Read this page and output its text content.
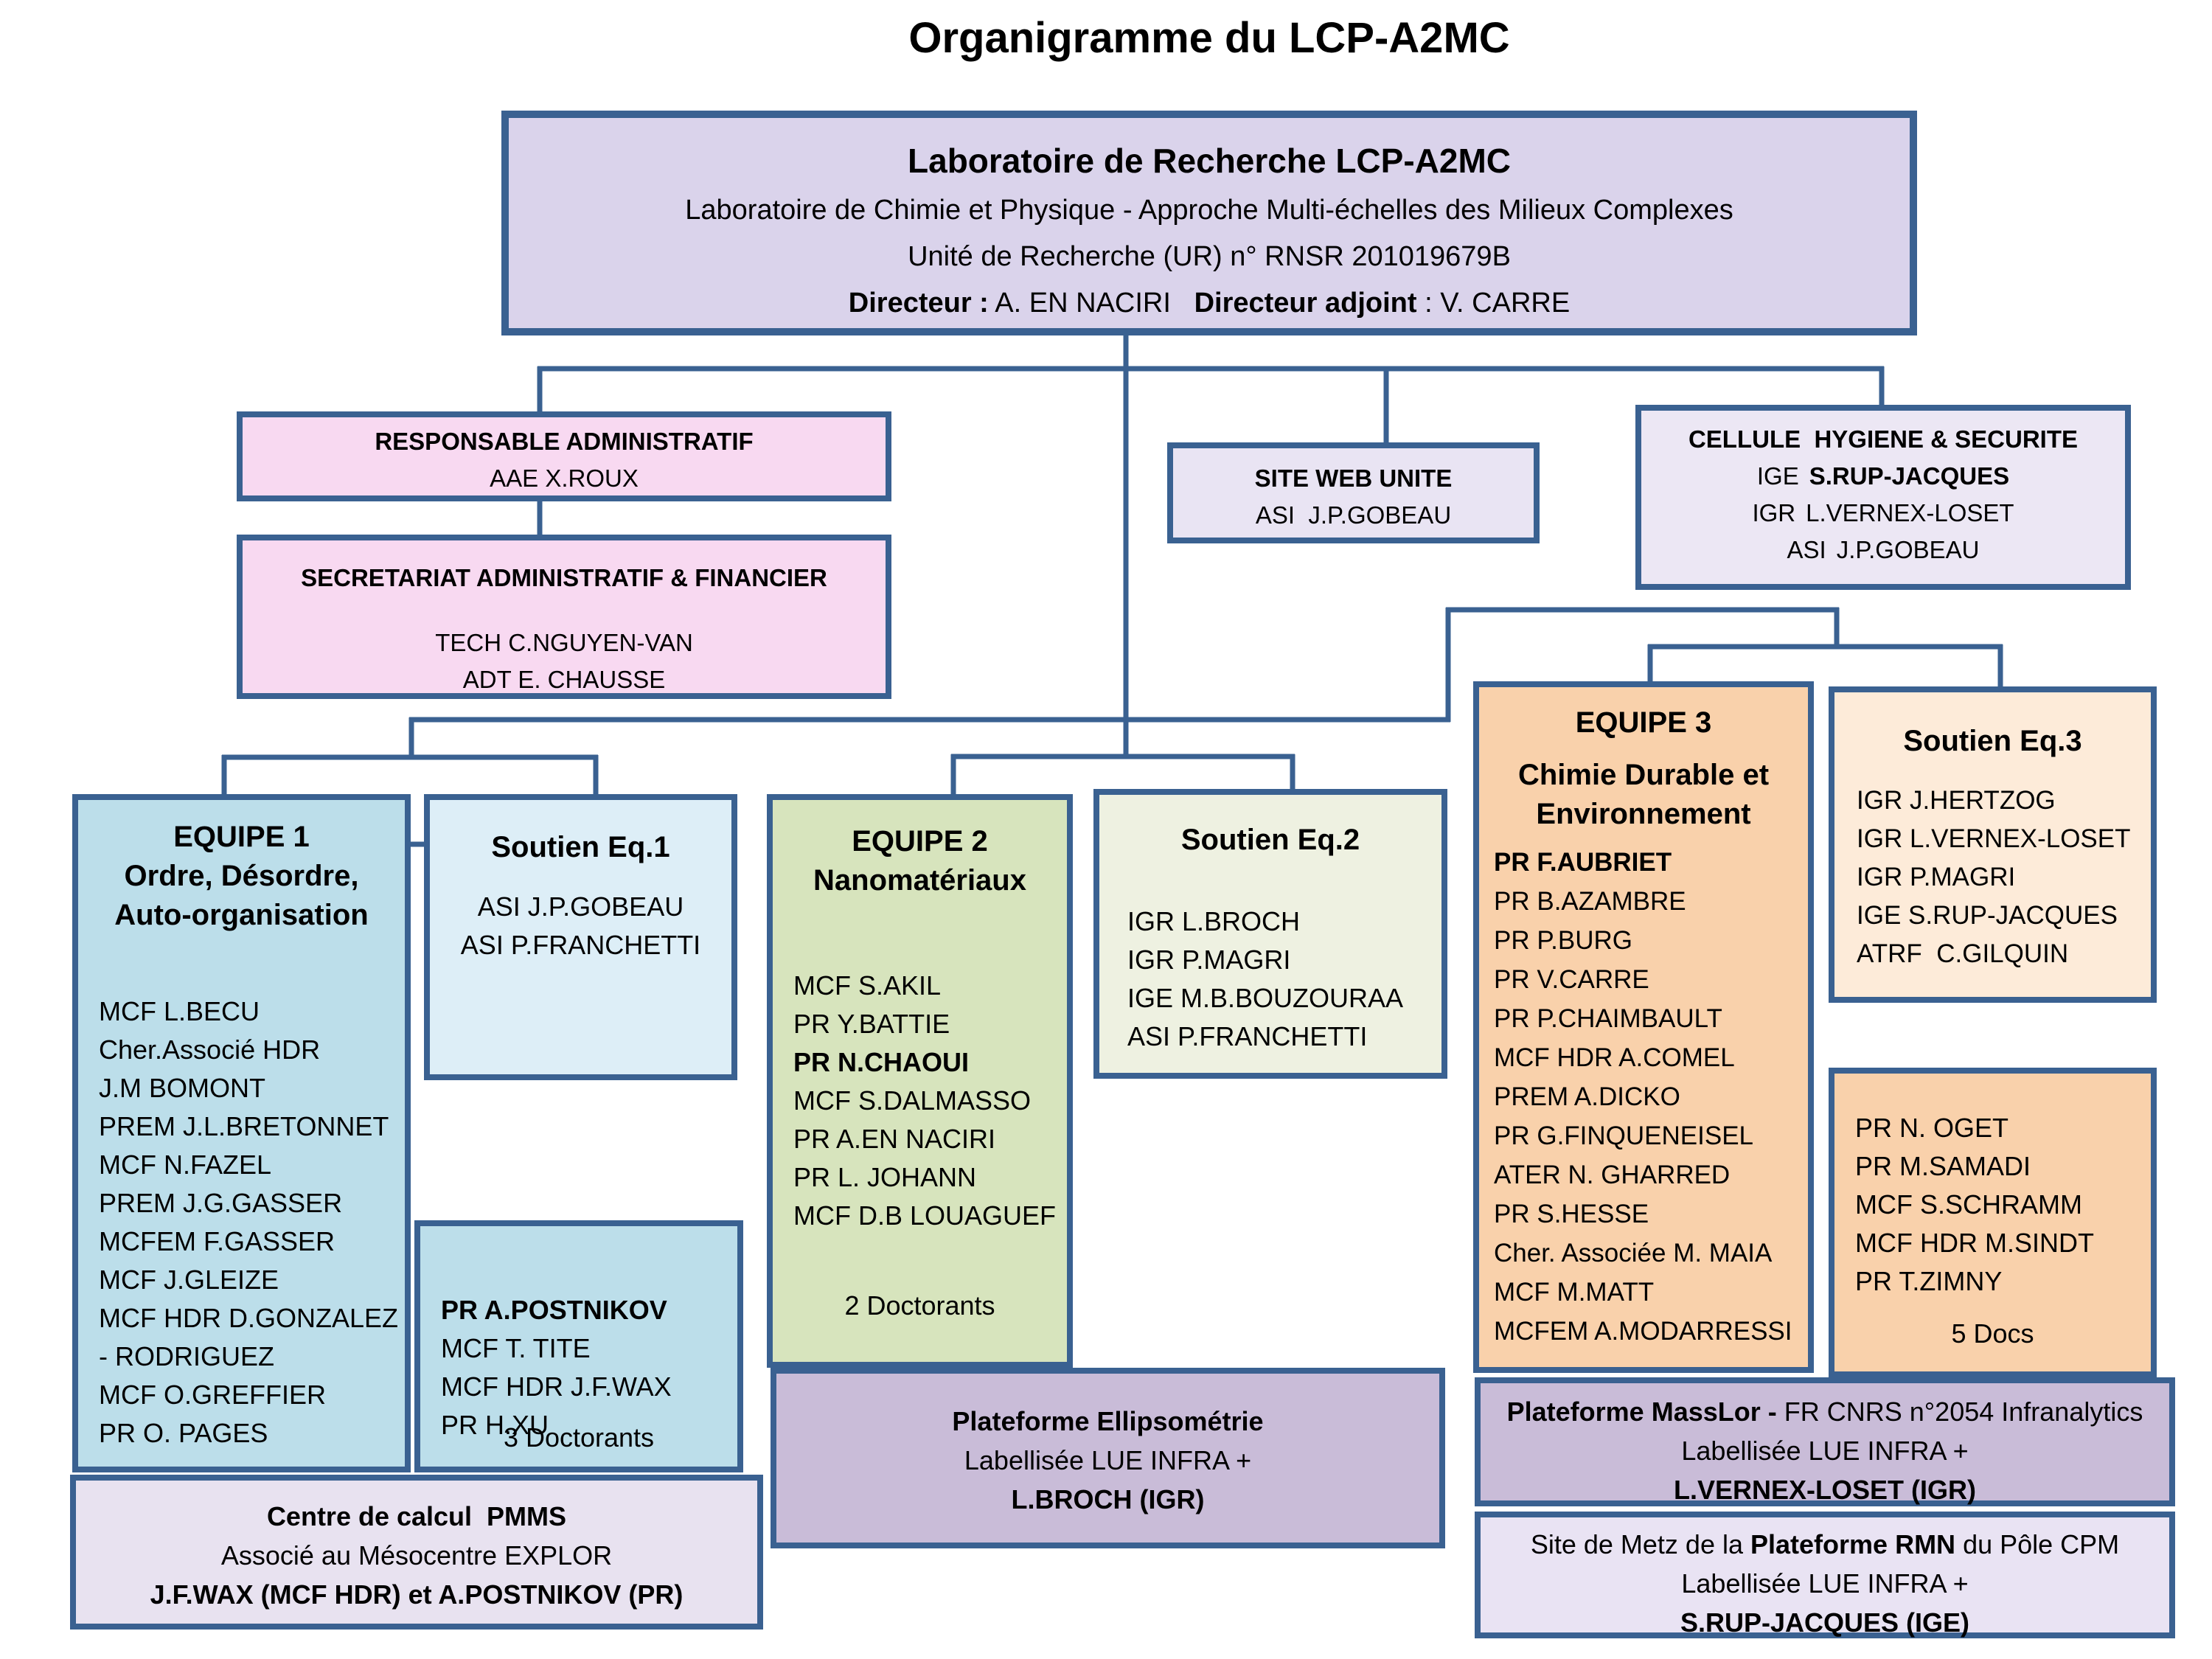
Organigramme du LCP-A2MC
Laboratoire de Recherche LCP-A2MC
Laboratoire de Chimie et Physique - Approche Multi-échelles des Milieux Complexes
Unité de Recherche (UR) n° RNSR 201019679B
Directeur : A. EN NACIRI   Directeur adjoint : V. CARRE
RESPONSABLE ADMINISTRATIF
AAE X.ROUX
SECRETARIAT ADMINISTRATIF & FINANCIER
TECH C.NGUYEN-VAN
ADT E. CHAUSSE
SITE WEB UNITE
ASI  J.P.GOBEAU
CELLULE  HYGIENE & SECURITE
IGE S.RUP-JACQUES
IGR L.VERNEX-LOSET
ASI J.P.GOBEAU
EQUIPE 1
Ordre, Désordre,
Auto-organisation
MCF L.BECU
Cher.Associé HDR
J.M BOMONT
PREM J.L.BRETONNET
MCF N.FAZEL
PREM J.G.GASSER
MCFEM F.GASSER
MCF J.GLEIZE
MCF HDR D.GONZALEZ
- RODRIGUEZ
MCF O.GREFFIER
PR O. PAGES
Soutien Eq.1
ASI J.P.GOBEAU
ASI P.FRANCHETTI
PR A.POSTNIKOV
MCF T. TITE
MCF HDR J.F.WAX
PR H.XU
3 Doctorants
Centre de calcul  PMMS
Associé au Mésocentre EXPLOR
J.F.WAX (MCF HDR) et A.POSTNIKOV (PR)
EQUIPE 2
Nanomatériaux
MCF S.AKIL
PR Y.BATTIE
PR N.CHAOUI
MCF S.DALMASSO
PR A.EN NACIRI
PR L. JOHANN
MCF D.B LOUAGUEF
2 Doctorants
Soutien Eq.2
IGR L.BROCH
IGR P.MAGRI
IGE M.B.BOUZOURAA
ASI P.FRANCHETTI
Plateforme Ellipsométrie
Labellisée LUE INFRA +
L.BROCH (IGR)
EQUIPE 3
Chimie Durable et
Environnement
PR F.AUBRIET
PR B.AZAMBRE
PR P.BURG
PR V.CARRE
PR P.CHAIMBAULT
MCF HDR A.COMEL
PREM A.DICKO
PR G.FINQUENEISEL
ATER N. GHARRED
PR S.HESSE
Cher. Associée M. MAIA
MCF M.MATT
MCFEM A.MODARRESSI
Soutien Eq.3
IGR J.HERTZOG
IGR L.VERNEX-LOSET
IGR P.MAGRI
IGE S.RUP-JACQUES
ATRF  C.GILQUIN
PR N. OGET
PR M.SAMADI
MCF S.SCHRAMM
MCF HDR M.SINDT
PR T.ZIMNY
5 Docs
Plateforme MassLor - FR CNRS n°2054 Infranalytics
Labellisée LUE INFRA +
L.VERNEX-LOSET (IGR)
Site de Metz de la Plateforme RMN du Pôle CPM
Labellisée LUE INFRA +
S.RUP-JACQUES (IGE)
